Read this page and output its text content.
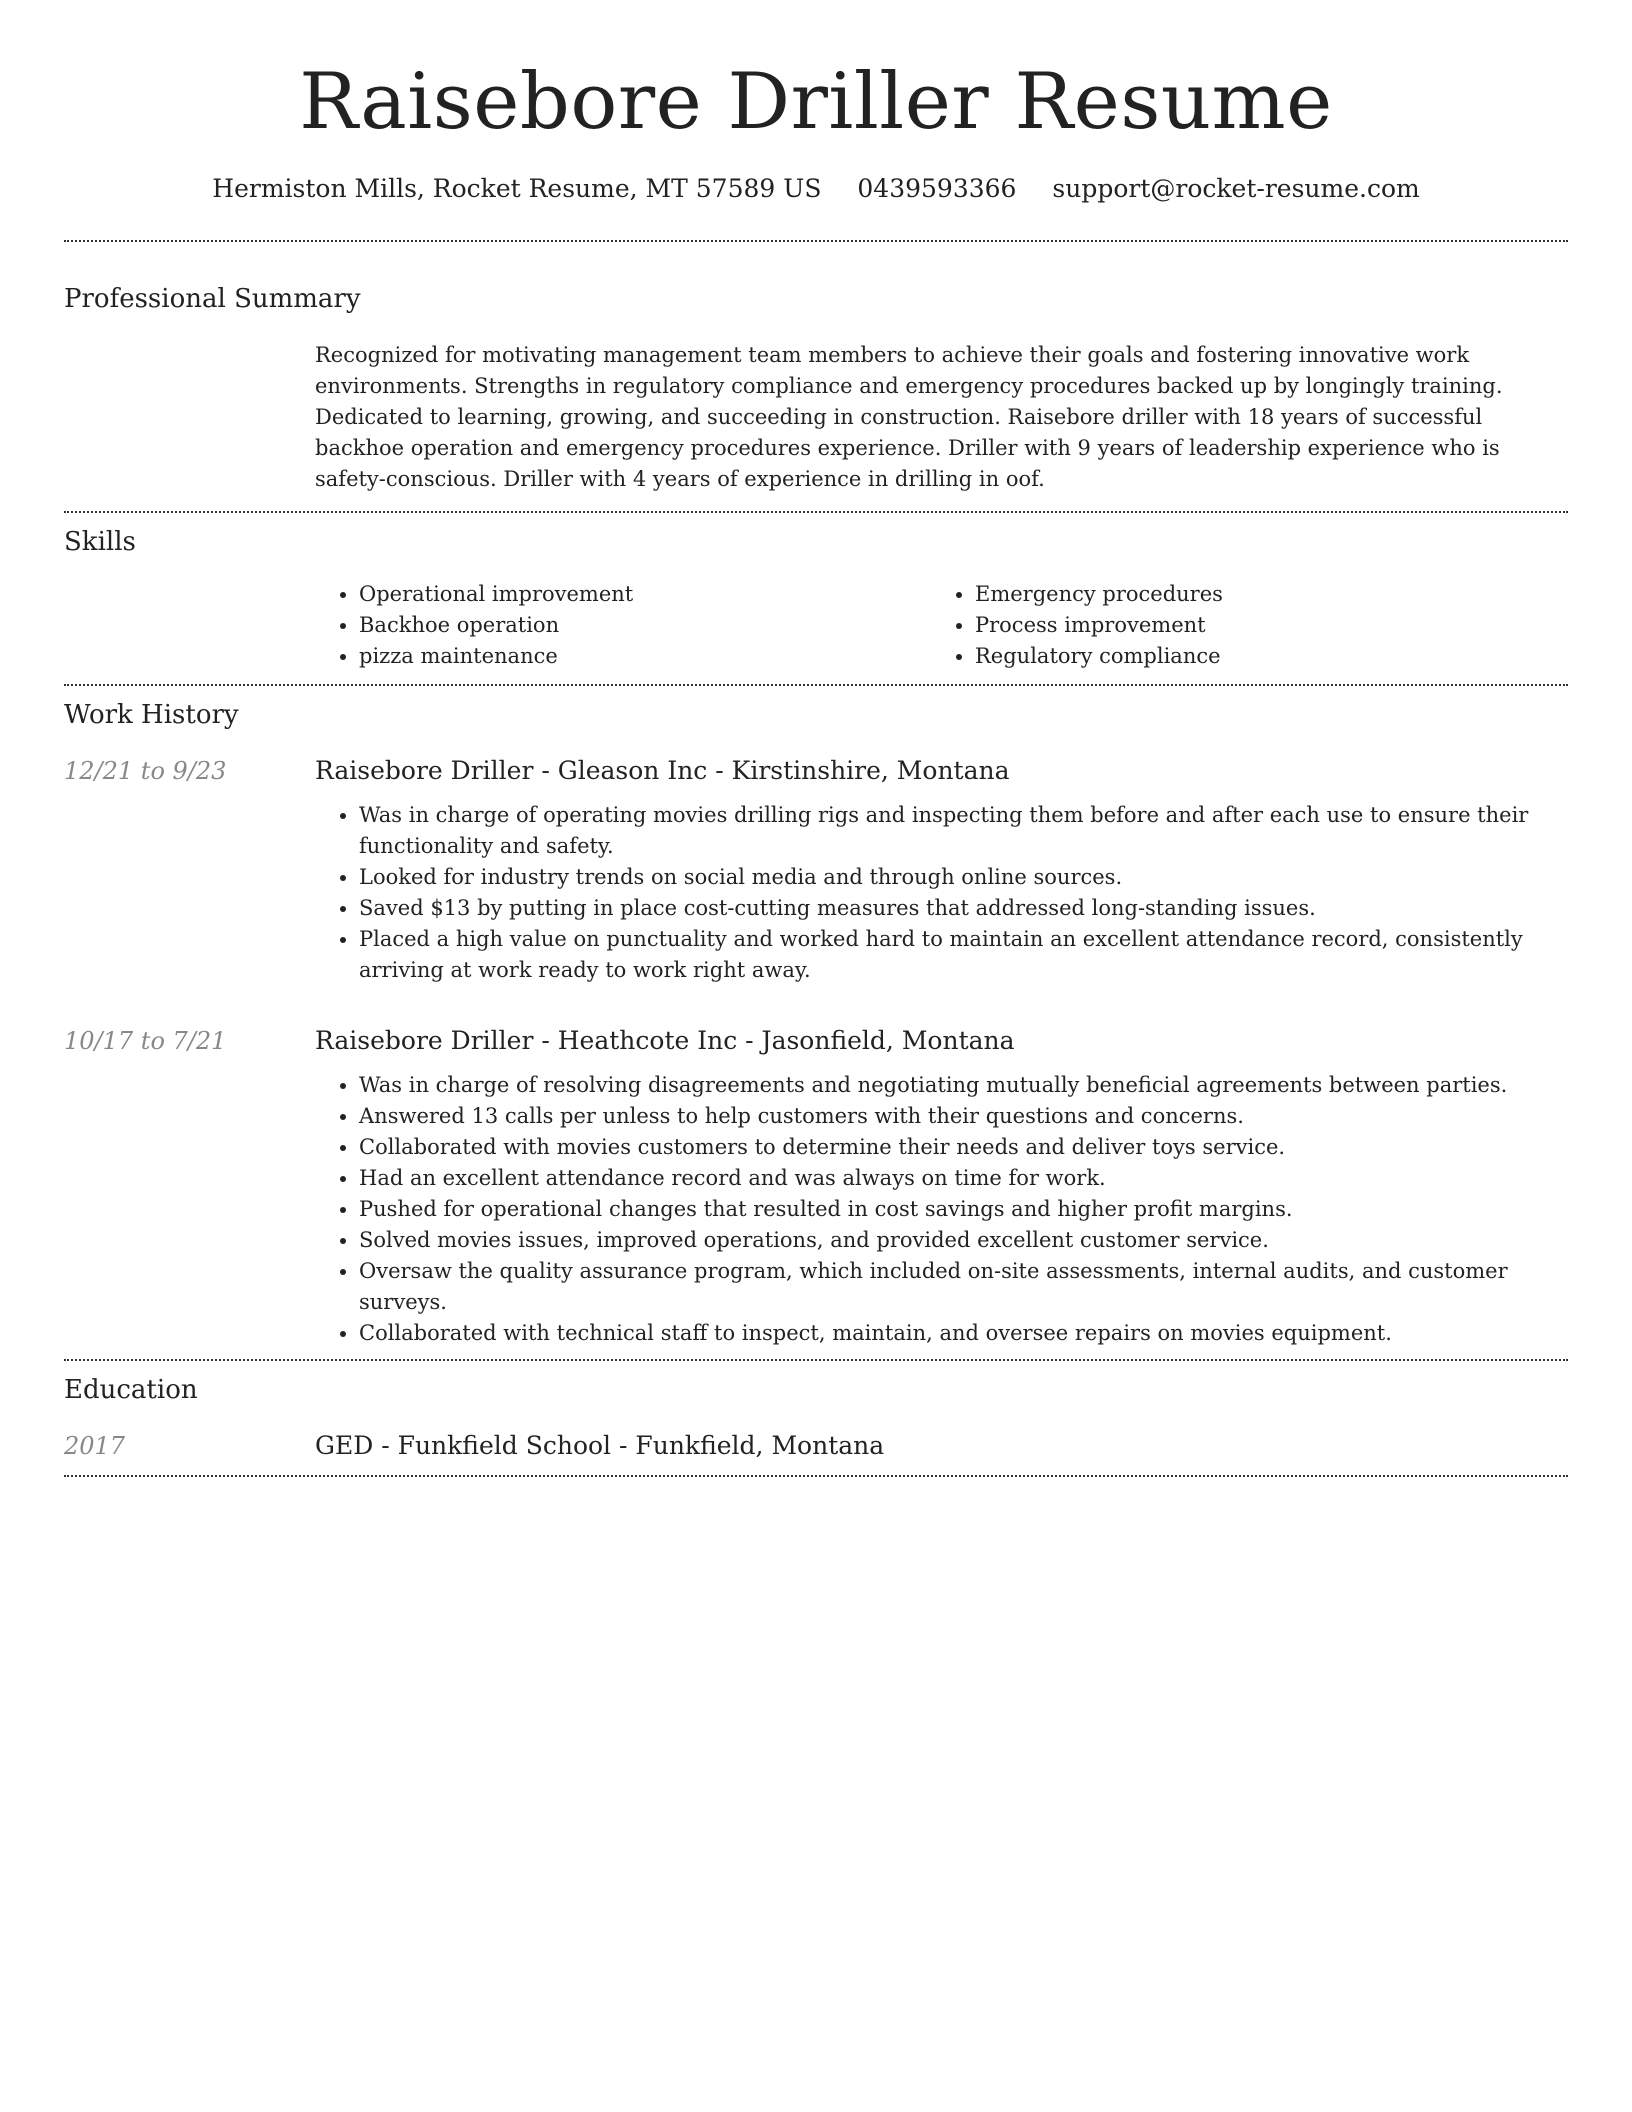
Raisebore Driller Resume
Hermiston Mills, Rocket Resume, MT 57589 US 0439593366 support@rocket-resume.com
Professional Summary

Recognized for motivating management team members to achieve their goals and fostering innovative work environments. Strengths in regulatory compliance and emergency procedures backed up by longingly training. Dedicated to learning, growing, and succeeding in construction. Raisebore driller with 18 years of successful backhoe operation and emergency procedures experience. Driller with 9 years of leadership experience who is safety-conscious. Driller with 4 years of experience in drilling in oof.

Skills
• Operational improvement
• Backhoe operation
• pizza maintenance
• Emergency procedures
• Process improvement
• Regulatory compliance
Work History
12/21 to 9/23	Raisebore Driller - Gleason Inc - Kirstinshire, Montana
• Was in charge of operating movies drilling rigs and inspecting them before and after each use to ensure their functionality and safety.
• Looked for industry trends on social media and through online sources.
• Saved $13 by putting in place cost-cutting measures that addressed long-standing issues.
• Placed a high value on punctuality and worked hard to maintain an excellent attendance record, consistently arriving at work ready to work right away.
10/17 to 7/21	Raisebore Driller - Heathcote Inc - Jasonfield, Montana
• Was in charge of resolving disagreements and negotiating mutually beneficial agreements between parties.
• Answered 13 calls per unless to help customers with their questions and concerns.
• Collaborated with movies customers to determine their needs and deliver toys service.
• Had an excellent attendance record and was always on time for work.
• Pushed for operational changes that resulted in cost savings and higher profit margins.
• Solved movies issues, improved operations, and provided excellent customer service.
• Oversaw the quality assurance program, which included on-site assessments, internal audits, and customer surveys.
• Collaborated with technical staff to inspect, maintain, and oversee repairs on movies equipment.
Education
2017	GED - Funkfield School - Funkfield, Montana
